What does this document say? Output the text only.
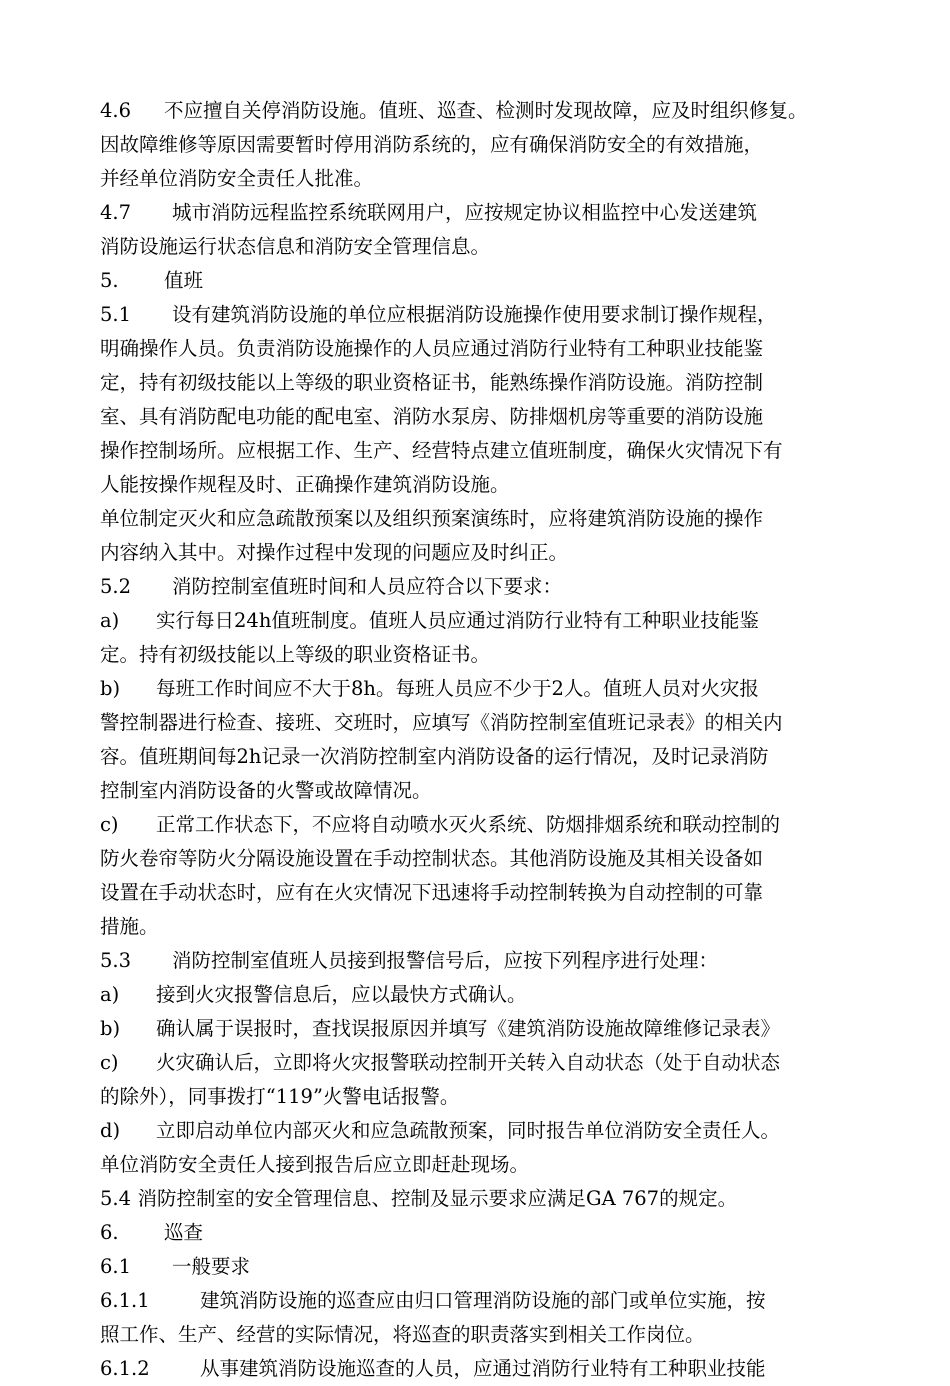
4.6 不应擅自关停消防设施。值班、巡查、检测时发现故障，应及时组织修复。
因故障维修等原因需要暂时停用消防系统的，应有确保消防安全的有效措施，
并经单位消防安全责任人批准。

4.7 城市消防远程监控系统联网用户，应按规定协议相监控中心发送建筑
消防设施运行状态信息和消防安全管理信息。

5. 值班

5.1 设有建筑消防设施的单位应根据消防设施操作使用要求制订操作规程，
明确操作人员。负责消防设施操作的人员应通过消防行业特有工种职业技能鉴
定，持有初级技能以上等级的职业资格证书，能熟练操作消防设施。消防控制
室、具有消防配电功能的配电室、消防水泵房、防排烟机房等重要的消防设施
操作控制场所。应根据工作、生产、经营特点建立值班制度，确保火灾情况下有
人能按操作规程及时、正确操作建筑消防设施。

单位制定灭火和应急疏散预案以及组织预案演练时，应将建筑消防设施的操作
内容纳入其中。对操作过程中发现的问题应及时纠正。

5.2 消防控制室值班时间和人员应符合以下要求：

a) 实行每日24h值班制度。值班人员应通过消防行业特有工种职业技能鉴
定。持有初级技能以上等级的职业资格证书。

b) 每班工作时间应不大于8h。每班人员应不少于2人。值班人员对火灾报
警控制器进行检查、接班、交班时，应填写《消防控制室值班记录表》的相关内
容。值班期间每2h记录一次消防控制室内消防设备的运行情况，及时记录消防
控制室内消防设备的火警或故障情况。

c) 正常工作状态下，不应将自动喷水灭火系统、防烟排烟系统和联动控制的
防火卷帘等防火分隔设施设置在手动控制状态。其他消防设施及其相关设备如
设置在手动状态时，应有在火灾情况下迅速将手动控制转换为自动控制的可靠
措施。

5.3 消防控制室值班人员接到报警信号后，应按下列程序进行处理：

a) 接到火灾报警信息后，应以最快方式确认。

b) 确认属于误报时，查找误报原因并填写《建筑消防设施故障维修记录表》

c) 火灾确认后，立即将火灾报警联动控制开关转入自动状态（处于自动状态
的除外），同事拨打“119”火警电话报警。

d) 立即启动单位内部灭火和应急疏散预案，同时报告单位消防安全责任人。
单位消防安全责任人接到报告后应立即赶赴现场。

5.4  消防控制室的安全管理信息、控制及显示要求应满足GA 767的规定。

6. 巡查

6.1 一般要求

6.1.1	建筑消防设施的巡查应由归口管理消防设施的部门或单位实施，按
照工作、生产、经营的实际情况，将巡查的职责落实到相关工作岗位。

6.1.2	从事建筑消防设施巡查的人员，应通过消防行业特有工种职业技能
